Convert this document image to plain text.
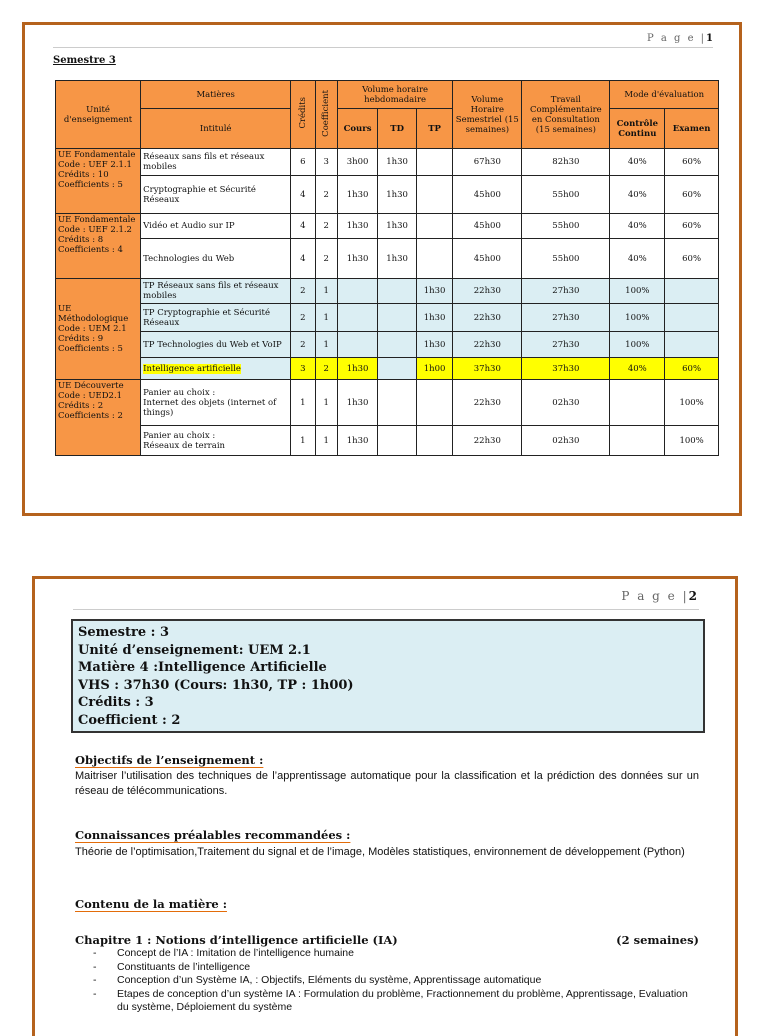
P a g e |1
Semestre 3
Unité d'enseignement	Matières	Crédits	Coefficient	Volume horaire hebdomadaire			Volume Horaire Semestriel (15 semaines)	Travail Complémentaire en Consultation (15 semaines)	Mode d'évaluation	
	Intitulé			Cours	TD	TP			Contrôle Continu	Examen
UE Fondamentale
Code : UEF 2.1.1
Crédits : 10
Coefficients : 5	Réseaux sans fils et réseaux mobiles	6	3	3h00	1h30		67h30	82h30	40%	60%
	Cryptographie et Sécurité Réseaux	4	2	1h30	1h30		45h00	55h00	40%	60%
UE Fondamentale
Code : UEF 2.1.2
Crédits : 8
Coefficients : 4	Vidéo et Audio sur IP	4	2	1h30	1h30		45h00	55h00	40%	60%
	Technologies du Web	4	2	1h30	1h30		45h00	55h00	40%	60%
UE Méthodologique
Code : UEM 2.1
Crédits : 9
Coefficients : 5	TP Réseaux sans fils et réseaux mobiles	2	1			1h30	22h30	27h30	100%	
	TP Cryptographie et Sécurité Réseaux	2	1			1h30	22h30	27h30	100%	
	TP Technologies du Web et VoIP	2	1			1h30	22h30	27h30	100%	
	Intelligence artificielle	3	2	1h30		1h00	37h30	37h30	40%	60%
UE Découverte
Code : UED2.1
Crédits : 2
Coefficients : 2	Panier au choix :
Internet des objets (internet of things)	1	1	1h30			22h30	02h30		100%
	Panier au choix :
Réseaux de terrain	1	1	1h30			22h30	02h30		100%
P a g e |2
Semestre : 3
Unité d’enseignement: UEM 2.1
Matière 4 :Intelligence Artificielle
VHS : 37h30 (Cours: 1h30, TP : 1h00)
Crédits : 3
Coefficient : 2
Objectifs de l’enseignement :
Maitriser l’utilisation des techniques de l’apprentissage automatique pour la classification et la prédiction des données sur un réseau de télécommunications.
Connaissances préalables recommandées :
Théorie de l’optimisation,Traitement du signal et de l’image, Modèles statistiques, environnement de développement (Python)
Contenu de la matière :
Chapitre 1 : Notions d’intelligence artificielle (IA)	(2 semaines)
- Concept de l’IA : Imitation de l’intelligence humaine
- Constituants de l’intelligence
- Conception d’un Système IA, : Objectifs, Eléments du système, Apprentissage automatique
- Etapes de conception d’un système IA : Formulation du problème, Fractionnement du problème, Apprentissage, Evaluation du système, Déploiement du système
